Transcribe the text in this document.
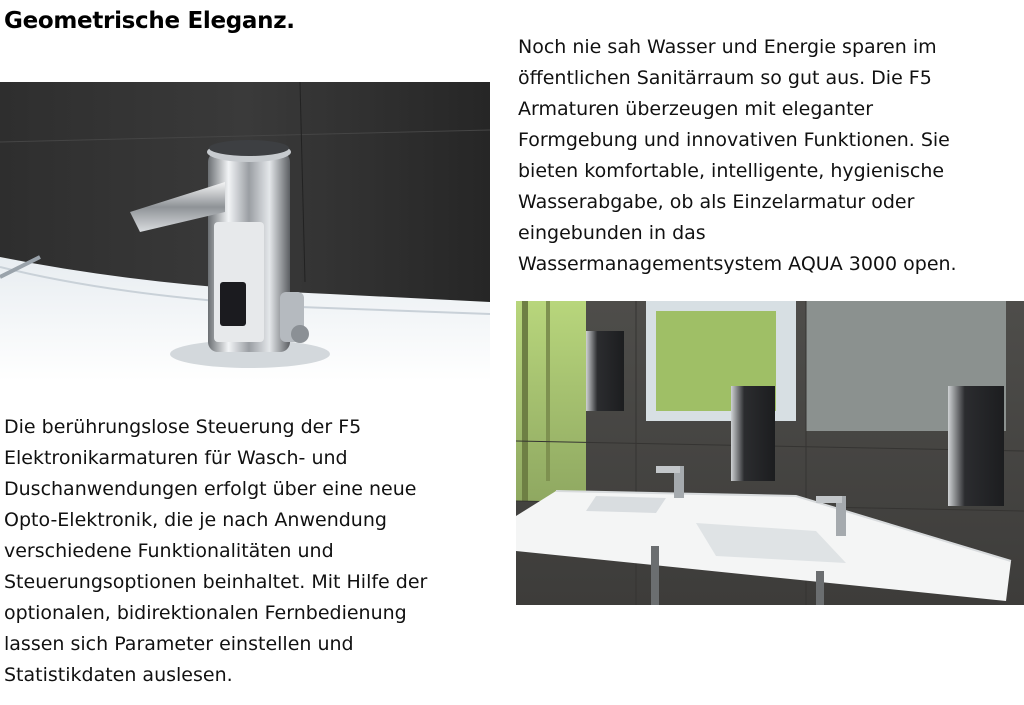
Geometrische Eleganz.

Noch nie sah Wasser und Energie sparen im
öffentlichen Sanitärraum so gut aus. Die F5
Armaturen überzeugen mit eleganter
Formgebung und innovativen Funktionen. Sie
bieten komfortable, intelligente, hygienische
Wasserabgabe, ob als Einzelarmatur oder
eingebunden in das
Wassermanagementsystem AQUA 3000 open.

Die berührungslose Steuerung der F5
Elektronikarmaturen für Wasch- und
Duschanwendungen erfolgt über eine neue
Opto-Elektronik, die je nach Anwendung
verschiedene Funktionalitäten und
Steuerungsoptionen beinhaltet. Mit Hilfe der
optionalen, bidirektionalen Fernbedienung
lassen sich Parameter einstellen und
Statistikdaten auslesen.
